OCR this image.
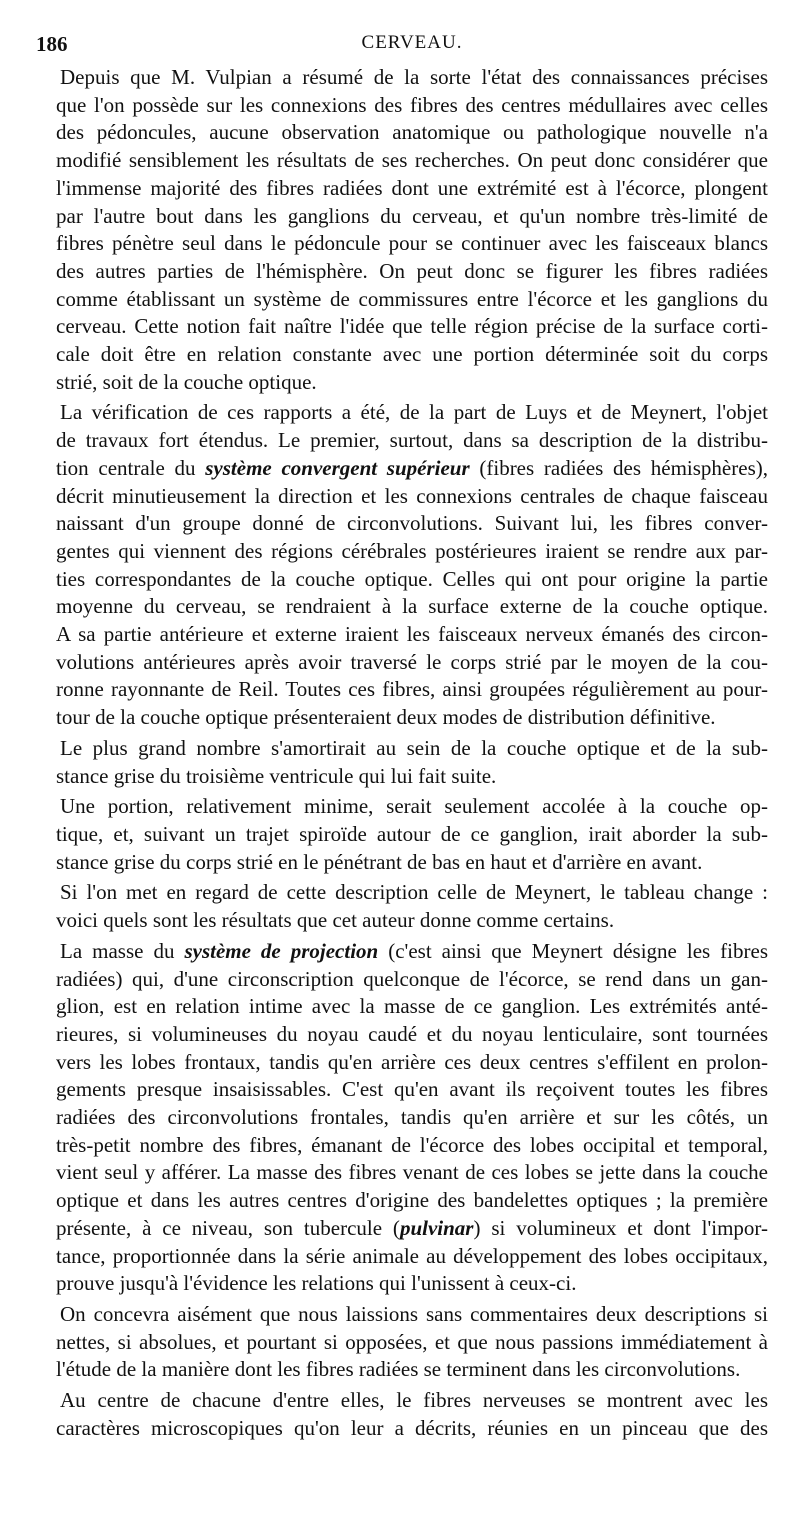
186	CERVEAU.
Depuis que M. Vulpian a résumé de la sorte l'état des connaissances précises
que l'on possède sur les connexions des fibres des centres médullaires avec celles
des pédoncules, aucune observation anatomique ou pathologique nouvelle n'a
modifié sensiblement les résultats de ses recherches. On peut donc considérer que
l'immense majorité des fibres radiées dont une extrémité est à l'écorce, plongent
par l'autre bout dans les ganglions du cerveau, et qu'un nombre très-limité de
fibres pénètre seul dans le pédoncule pour se continuer avec les faisceaux blancs
des autres parties de l'hémisphère. On peut donc se figurer les fibres radiées
comme établissant un système de commissures entre l'écorce et les ganglions du
cerveau. Cette notion fait naître l'idée que telle région précise de la surface corti-
cale doit être en relation constante avec une portion déterminée soit du corps
strié, soit de la couche optique.
La vérification de ces rapports a été, de la part de Luys et de Meynert, l'objet
de travaux fort étendus. Le premier, surtout, dans sa description de la distribu-
tion centrale du système convergent supérieur (fibres radiées des hémisphères),
décrit minutieusement la direction et les connexions centrales de chaque faisceau
naissant d'un groupe donné de circonvolutions. Suivant lui, les fibres conver-
gentes qui viennent des régions cérébrales postérieures iraient se rendre aux par-
ties correspondantes de la couche optique. Celles qui ont pour origine la partie
moyenne du cerveau, se rendraient à la surface externe de la couche optique.
A sa partie antérieure et externe iraient les faisceaux nerveux émanés des circon-
volutions antérieures après avoir traversé le corps strié par le moyen de la cou-
ronne rayonnante de Reil. Toutes ces fibres, ainsi groupées régulièrement au pour-
tour de la couche optique présenteraient deux modes de distribution définitive.
Le plus grand nombre s'amortirait au sein de la couche optique et de la sub-
stance grise du troisième ventricule qui lui fait suite.
Une portion, relativement minime, serait seulement accolée à la couche op-
tique, et, suivant un trajet spiroïde autour de ce ganglion, irait aborder la sub-
stance grise du corps strié en le pénétrant de bas en haut et d'arrière en avant.
Si l'on met en regard de cette description celle de Meynert, le tableau change :
voici quels sont les résultats que cet auteur donne comme certains.
La masse du système de projection (c'est ainsi que Meynert désigne les fibres
radiées) qui, d'une circonscription quelconque de l'écorce, se rend dans un gan-
glion, est en relation intime avec la masse de ce ganglion. Les extrémités anté-
rieures, si volumineuses du noyau caudé et du noyau lenticulaire, sont tournées
vers les lobes frontaux, tandis qu'en arrière ces deux centres s'effilent en prolon-
gements presque insaisissables. C'est qu'en avant ils reçoivent toutes les fibres
radiées des circonvolutions frontales, tandis qu'en arrière et sur les côtés, un
très-petit nombre des fibres, émanant de l'écorce des lobes occipital et temporal,
vient seul y afférer. La masse des fibres venant de ces lobes se jette dans la couche
optique et dans les autres centres d'origine des bandelettes optiques ; la première
présente, à ce niveau, son tubercule (pulvinar) si volumineux et dont l'impor-
tance, proportionnée dans la série animale au développement des lobes occipitaux,
prouve jusqu'à l'évidence les relations qui l'unissent à ceux-ci.
On concevra aisément que nous laissions sans commentaires deux descriptions si
nettes, si absolues, et pourtant si opposées, et que nous passions immédiatement à
l'étude de la manière dont les fibres radiées se terminent dans les circonvolutions.
Au centre de chacune d'entre elles, le fibres nerveuses se montrent avec les
caractères microscopiques qu'on leur a décrits, réunies en un pinceau que des
